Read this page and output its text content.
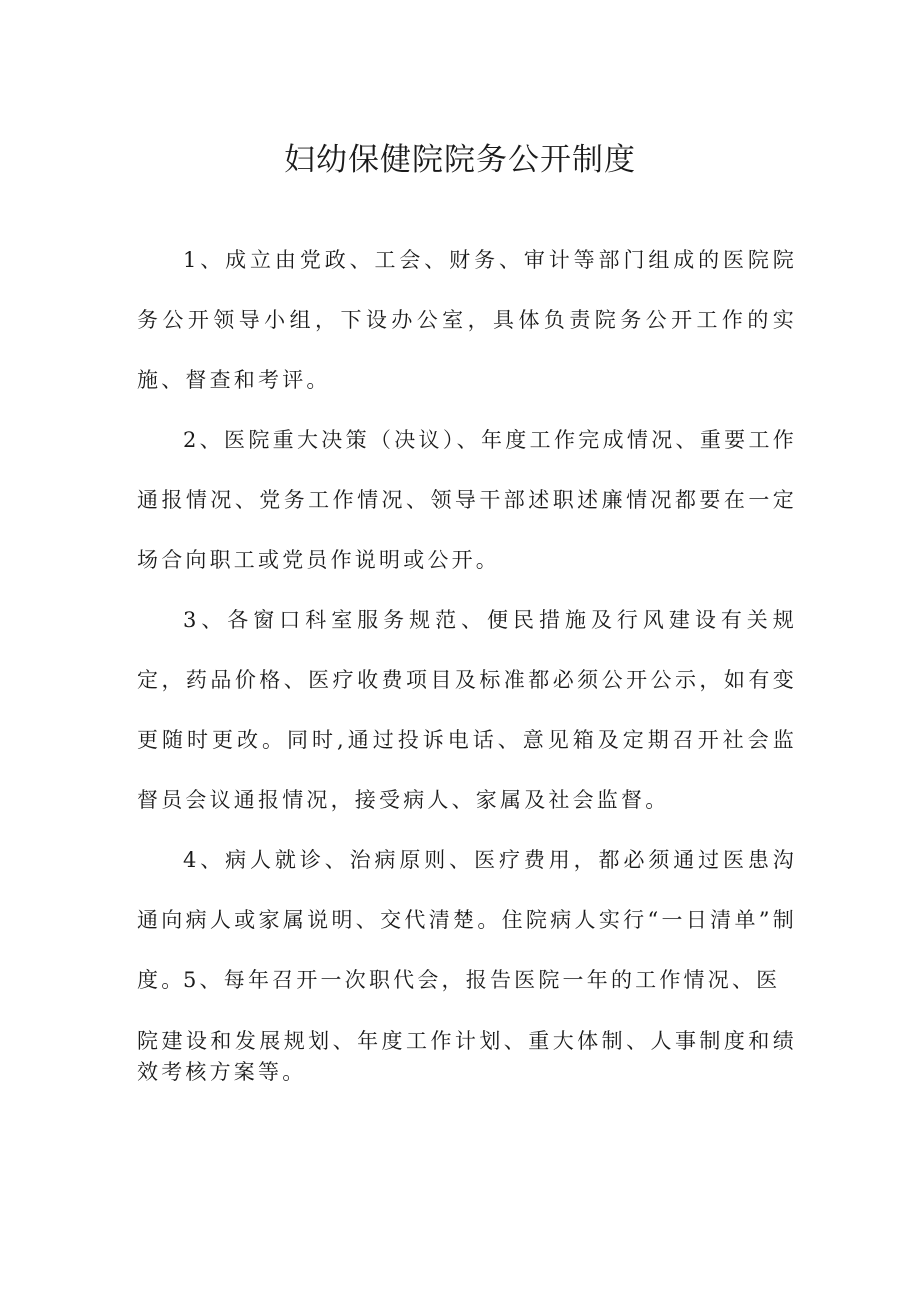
妇幼保健院院务公开制度

1、成立由党政、工会、财务、审计等部门组成的医院院务公开领导小组，下设办公室，具体负责院务公开工作的实施、督查和考评。

2、医院重大决策（决议）、年度工作完成情况、重要工作通报情况、党务工作情况、领导干部述职述廉情况都要在一定场合向职工或党员作说明或公开。

3、各窗口科室服务规范、便民措施及行风建设有关规定，药品价格、医疗收费项目及标准都必须公开公示，如有变更随时更改。同时,通过投诉电话、意见箱及定期召开社会监督员会议通报情况，接受病人、家属及社会监督。

4、病人就诊、治病原则、医疗费用，都必须通过医患沟通向病人或家属说明、交代清楚。住院病人实行“一日清单”制度。

5、每年召开一次职代会，报告医院一年的工作情况、医

院建设和发展规划、年度工作计划、重大体制、人事制度和绩效考核方案等。
